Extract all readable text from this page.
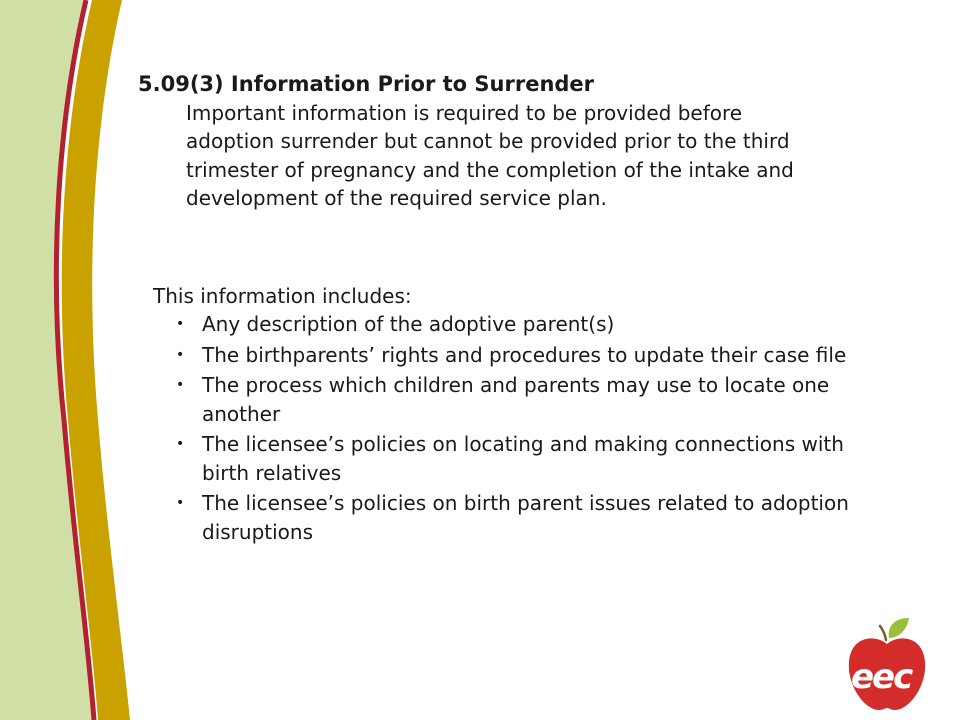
5.09(3) Information Prior to Surrender

Important information is required to be provided before adoption surrender but cannot be provided prior to the third trimester of pregnancy and the completion of the intake and development of the required service plan.

This information includes:

• Any description of the adoptive parent(s)
• The birthparents’ rights and procedures to update their case file
• The process which children and parents may use to locate one another
• The licensee’s policies on locating and making connections with birth relatives
• The licensee’s policies on birth parent issues related to adoption disruptions
eec
